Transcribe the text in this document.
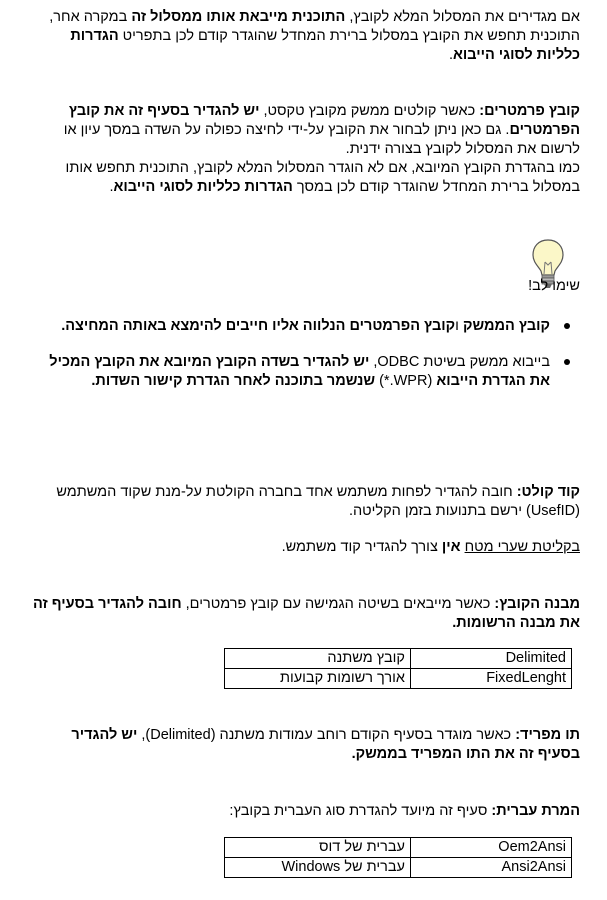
אם מגדירים את המסלול המלא לקובץ, התוכנית מייבאת אותו ממסלול זה במקרה אחר, התוכנית תחפש את הקובץ במסלול ברירת המחדל שהוגדר קודם לכן בתפריט הגדרות כלליות לסוגי הייבוא.

קובץ פרמטרים: כאשר קולטים ממשק מקובץ טקסט, יש להגדיר בסעיף זה את קובץ הפרמטרים. גם כאן ניתן לבחור את הקובץ על-ידי לחיצה כפולה על השדה במסך עיון או לרשום את המסלול לקובץ בצורה ידנית.
כמו בהגדרת הקובץ המיובא, אם לא הוגדר המסלול המלא לקובץ, התוכנית תחפש אותו במסלול ברירת המחדל שהוגדר קודם לכן במסך הגדרות כלליות לסוגי הייבוא.

שימו לב!

קובץ הממשק וקובץ הפרמטרים הנלווה אליו חייבים להימצא באותה המחיצה.
בייבוא ממשק בשיטת ODBC, יש להגדיר בשדה הקובץ המיובא את הקובץ המכיל את הגדרת הייבוא (WPR.*) שנשמר בתוכנה לאחר הגדרת קישור השדות.

קוד קולט: חובה להגדיר לפחות משתמש אחד בחברה הקולטת על-מנת שקוד המשתמש (UsefID) ירשם בתנועות בזמן הקליטה.

בקליטת שערי מטח אין צורך להגדיר קוד משתמש.

מבנה הקובץ: כאשר מייבאים בשיטה הגמישה עם קובץ פרמטרים, חובה להגדיר בסעיף זה את מבנה הרשומות.

קובץ משתנה	Delimited
אורך רשומות קבועות	FixedLenght

תו מפריד: כאשר מוגדר בסעיף הקודם רוחב עמודות משתנה (Delimited), יש להגדיר בסעיף זה את התו המפריד בממשק.

המרת עברית: סעיף זה מיועד להגדרת סוג העברית בקובץ:

עברית של דוס	Oem2Ansi
עברית של Windows	Ansi2Ansi
